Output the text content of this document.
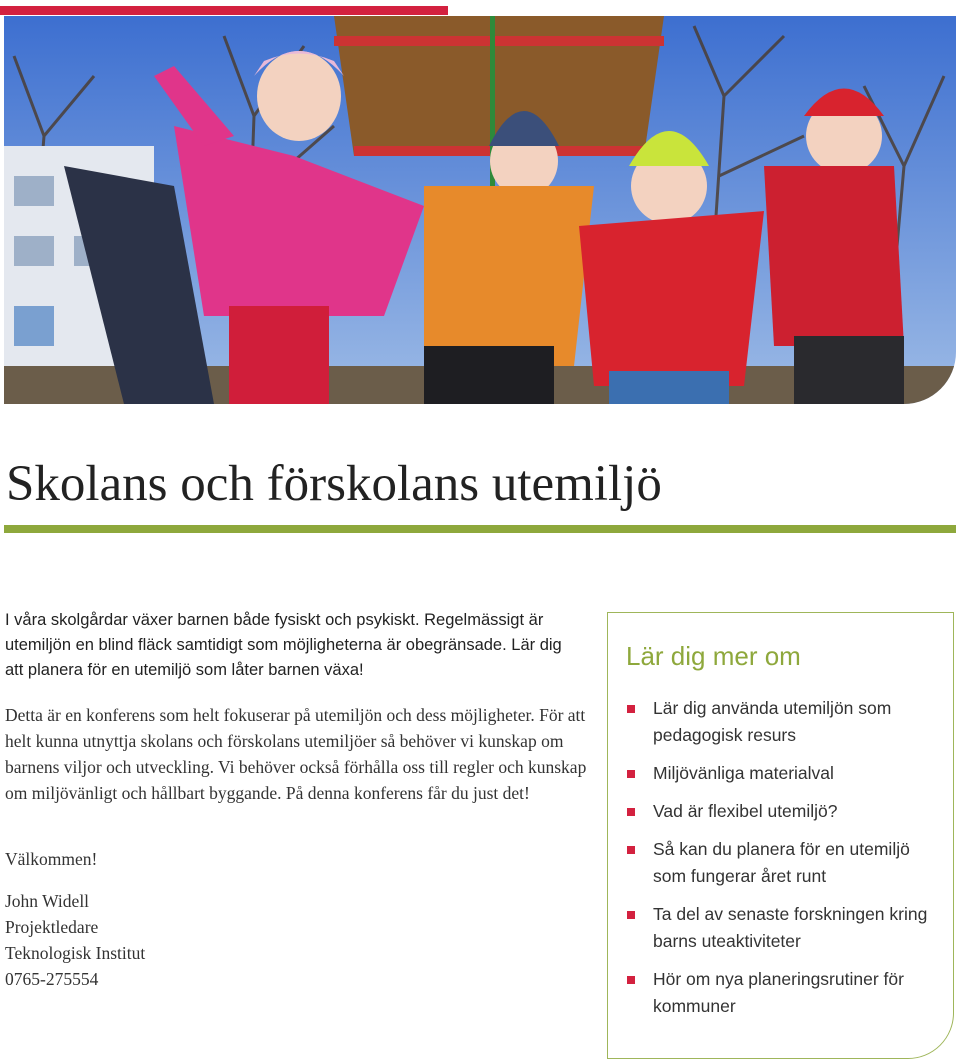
Skolans och förskolans utemiljö

I våra skolgårdar växer barnen både fysiskt och psykiskt. Regelmässigt är utemiljön en blind fläck samtidigt som möjligheterna är obegränsade. Lär dig att planera för en utemiljö som låter barnen växa!

Detta är en konferens som helt fokuserar på utemiljön och dess möjligheter. För att helt kunna utnyttja skolans och förskolans utemiljöer så behöver vi kunskap om barnens viljor och utveckling. Vi behöver också förhålla oss till regler och kunskap om miljövänligt och hållbart byggande. På denna konferens får du just det!

Välkommen!

John Widell
Projektledare
Teknologisk Institut
0765-275554
Lär dig mer om
Lär dig använda utemiljön som pedagogisk resurs
Miljövänliga materialval
Vad är flexibel utemiljö?
Så kan du planera för en utemiljö som fungerar året runt
Ta del av senaste forskningen kring barns uteaktiviteter
Hör om nya planeringsrutiner för kommuner
